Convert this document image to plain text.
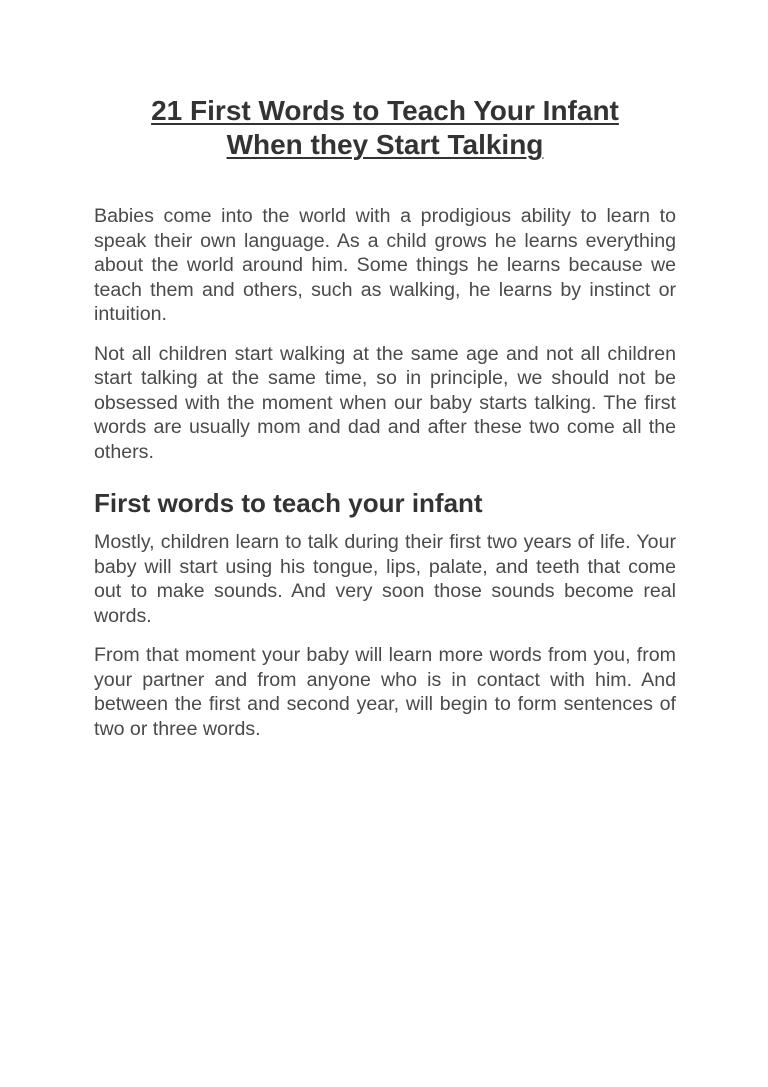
21 First Words to Teach Your Infant
When they Start Talking

Babies come into the world with a prodigious ability to learn to speak their own language. As a child grows he learns everything about the world around him. Some things he learns because we teach them and others, such as walking, he learns by instinct or intuition.

Not all children start walking at the same age and not all children start talking at the same time, so in principle, we should not be obsessed with the moment when our baby starts talking. The first words are usually mom and dad and after these two come all the others.

First words to teach your infant

Mostly, children learn to talk during their first two years of life. Your baby will start using his tongue, lips, palate, and teeth that come out to make sounds. And very soon those sounds become real words.

From that moment your baby will learn more words from you, from your partner and from anyone who is in contact with him. And between the first and second year, will begin to form sentences of two or three words.
